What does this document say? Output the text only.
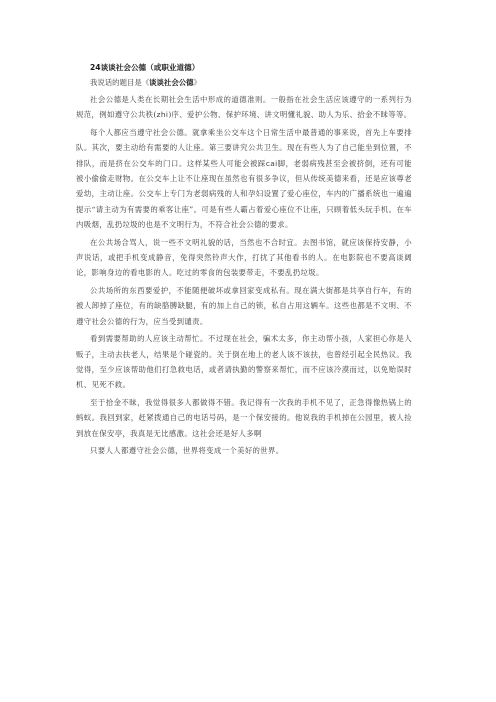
24谈谈社会公德（或职业道德）
我说话的题目是《谈谈社会公德》

社会公德是人类在长期社会生活中形成的道德准则。一般指在社会生活应该遵守的一系列行为规范，例如遵守公共秩(zhi)序、爱护公物、保护环境、讲文明懂礼貌、助人为乐、拾金不昧等等。

每个人都应当遵守社会公德。就拿乘坐公交车这个日常生活中最普通的事来说，首先上车要排队。其次，要主动给有需要的人让座。第三要讲究公共卫生。现在有些人为了自己能坐到位置，不排队，而是挤在公交车的门口。这样某些人可能会被踩cai脚，老弱病残甚至会被挤倒，还有可能被小偷偷走财物。在公交车上让不让座现在虽然也有很多争议，但从传统美德来看，还是应该尊老爱幼，主动让座。公交车上专门为老弱病残的人和孕妇设置了爱心座位，车内的广播系统也一遍遍提示“请主动为有需要的乘客让座”。可是有些人霸占着爱心座位不让座，只顾着低头玩手机。在车内吸烟，乱扔垃圾的也是不文明行为，不符合社会公德的要求。

在公共场合骂人，说一些不文明礼貌的话，当然也不合时宜。去图书馆，就应该保持安静，小声说话，或把手机变成静音，免得突然铃声大作，打扰了其他看书的人。在电影院也不要高谈阔论，影响身边的看电影的人。吃过的零食的包装要带走，不要乱扔垃圾。

公共场所的东西要爱护，不能随便破坏或拿回家变成私有。现在满大街都是共享自行车，有的被人卸掉了座位，有的缺胳膊缺腿，有的加上自己的锁，私自占用这辆车。这些也都是不文明、不遵守社会公德的行为，应当受到谴责。

看到需要帮助的人应该主动帮忙。不过现在社会，骗术太多，你主动帮小孩，人家担心你是人贩子，主动去扶老人，结果是个碰瓷的。关于倒在地上的老人该不该扶，也曾经引起全民热议。我觉得，至少应该帮助他们打急救电话，或者请执勤的警察来帮忙，而不应该冷漠而过，以免贻误时机、见死不救。

至于拾金不昧，我觉得很多人都做得不错。我记得有一次我的手机不见了，正急得像热锅上的蚂蚁。我回到家，赶紧拨通自己的电话号码，是一个保安接的。他说我的手机掉在公园里，被人捡到放在保安亭，我真是无比感激。这社会还是好人多啊

只要人人都遵守社会公德，世界将变成一个美好的世界。
